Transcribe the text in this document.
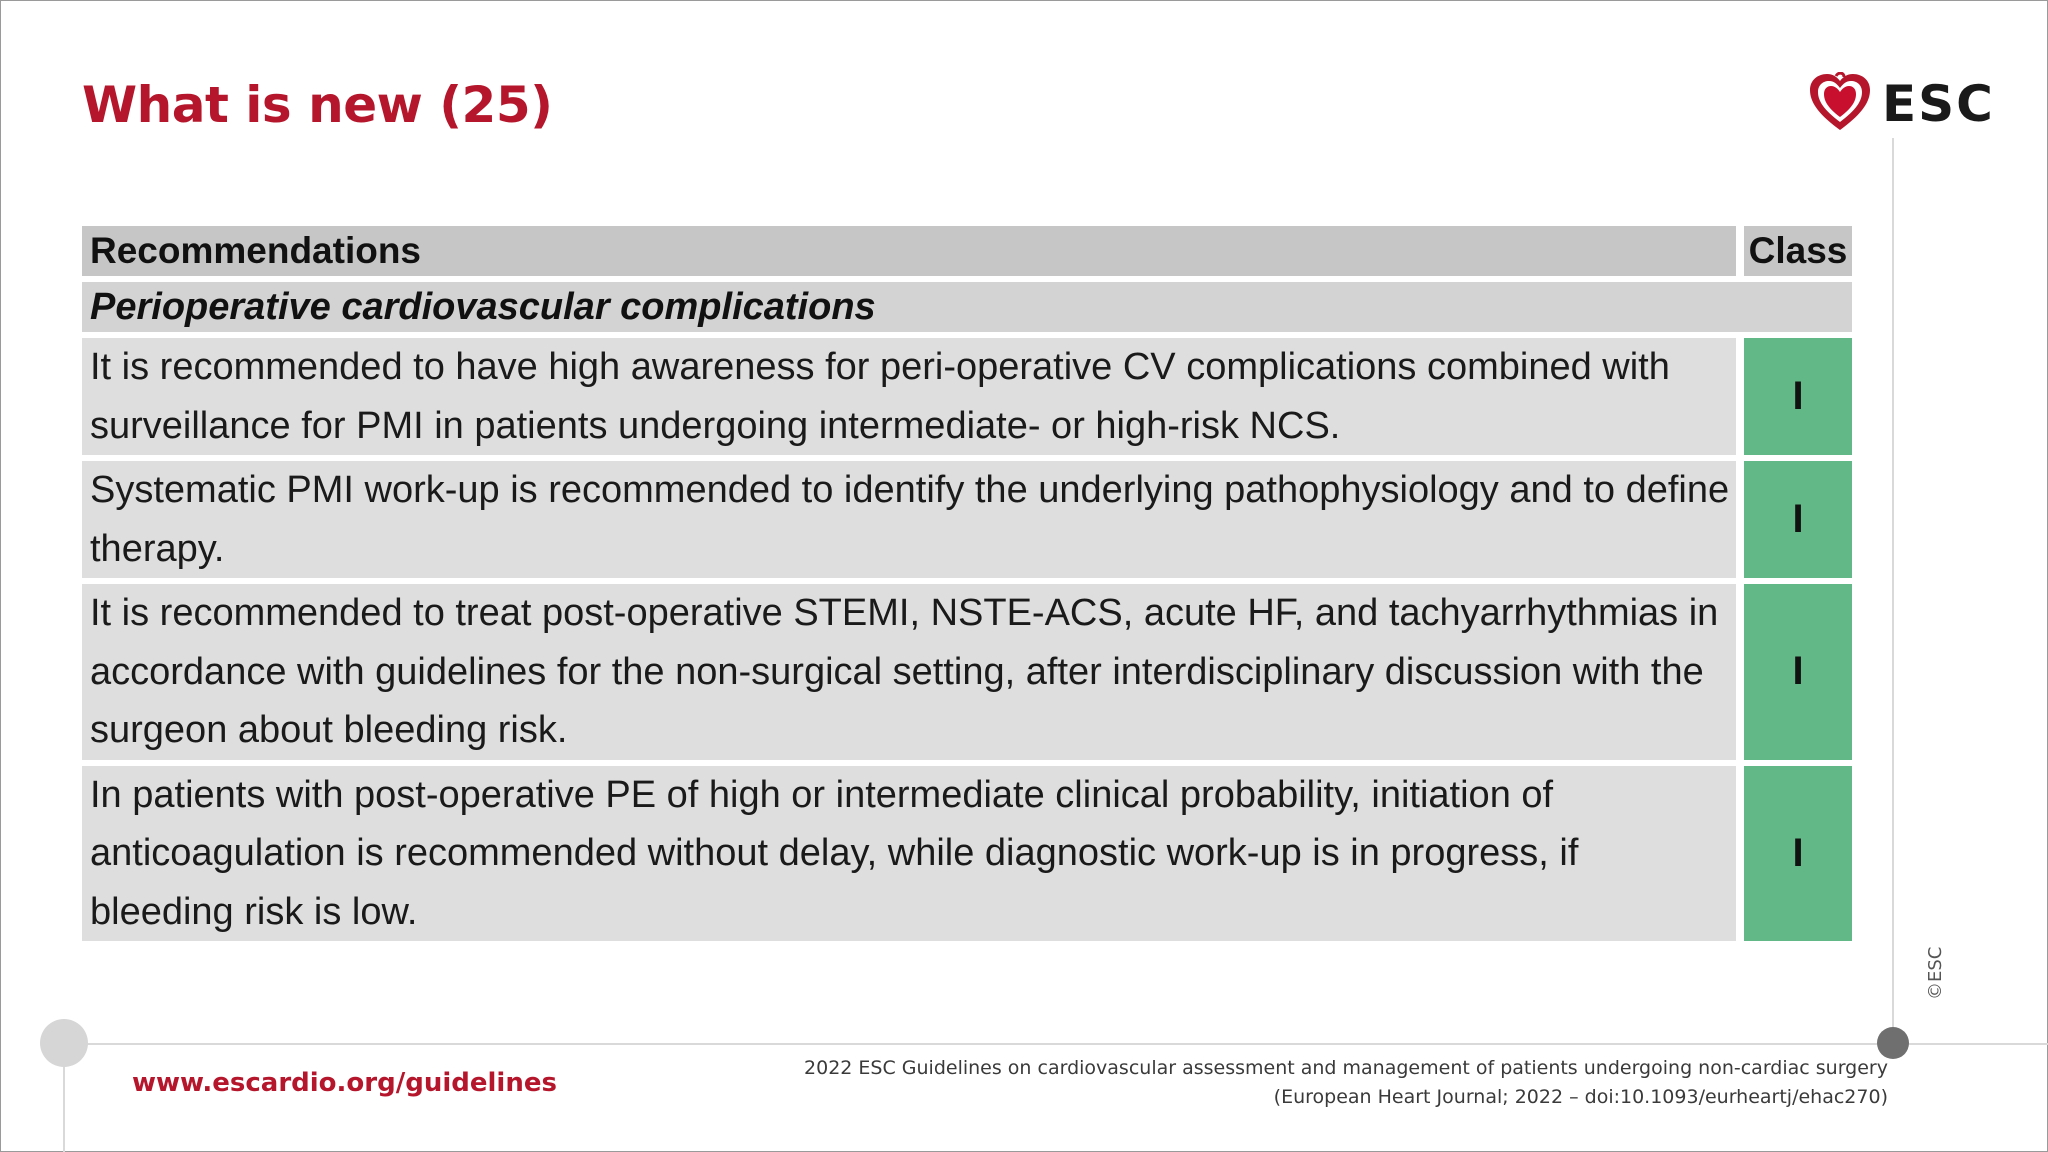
What is new (25)	ESC
©ESC
Recommendations		Class
Perioperative cardiovascular complications		
It is recommended to have high awareness for peri-operative CV complications combined with surveillance for PMI in patients undergoing intermediate- or high-risk NCS.		I
Systematic PMI work-up is recommended to identify the underlying pathophysiology and to define therapy.		I
It is recommended to treat post-operative STEMI, NSTE-ACS, acute HF, and tachyarrhythmias in accordance with guidelines for the non-surgical setting, after interdisciplinary discussion with the surgeon about bleeding risk.		I
In patients with post-operative PE of high or intermediate clinical probability, initiation of anticoagulation is recommended without delay, while diagnostic work-up is in progress, if bleeding risk is low.		I
www.escardio.org/guidelines	2022 ESC Guidelines on cardiovascular assessment and management of patients undergoing non-cardiac surgery
(European Heart Journal; 2022 – doi:10.1093/eurheartj/ehac270)
